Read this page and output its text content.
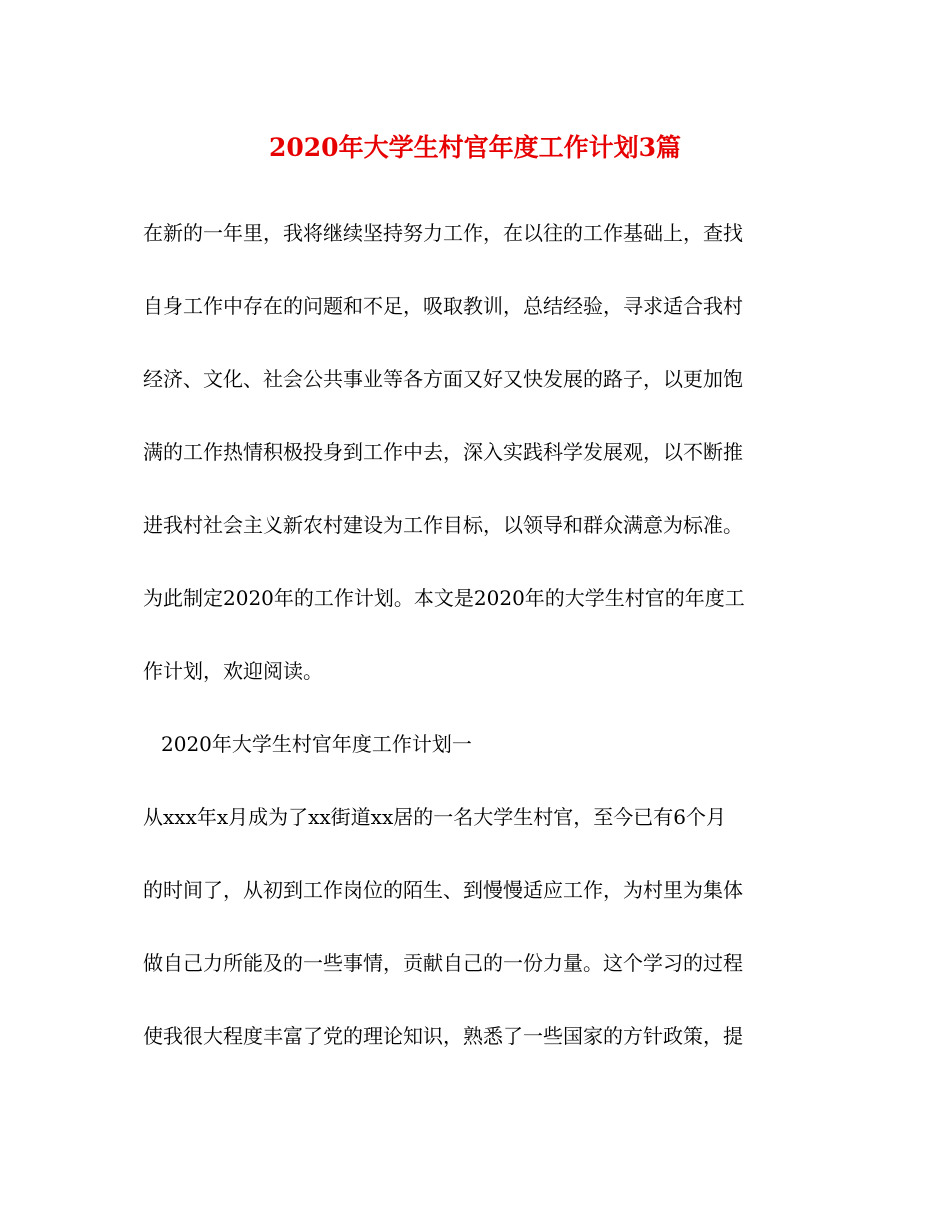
2020年大学生村官年度工作计划3篇
在新的一年里，我将继续坚持努力工作，在以往的工作基础上，查找
自身工作中存在的问题和不足，吸取教训，总结经验，寻求适合我村
经济、文化、社会公共事业等各方面又好又快发展的路子，以更加饱
满的工作热情积极投身到工作中去，深入实践科学发展观，以不断推
进我村社会主义新农村建设为工作目标，以领导和群众满意为标准。
为此制定2020年的工作计划。本文是2020年的大学生村官的年度工
作计划，欢迎阅读。
2020年大学生村官年度工作计划一
从xxx年x月成为了xx街道xx居的一名大学生村官，至今已有6个月
的时间了，从初到工作岗位的陌生、到慢慢适应工作，为村里为集体
做自己力所能及的一些事情，贡献自己的一份力量。这个学习的过程
使我很大程度丰富了党的理论知识，熟悉了一些国家的方针政策，提
